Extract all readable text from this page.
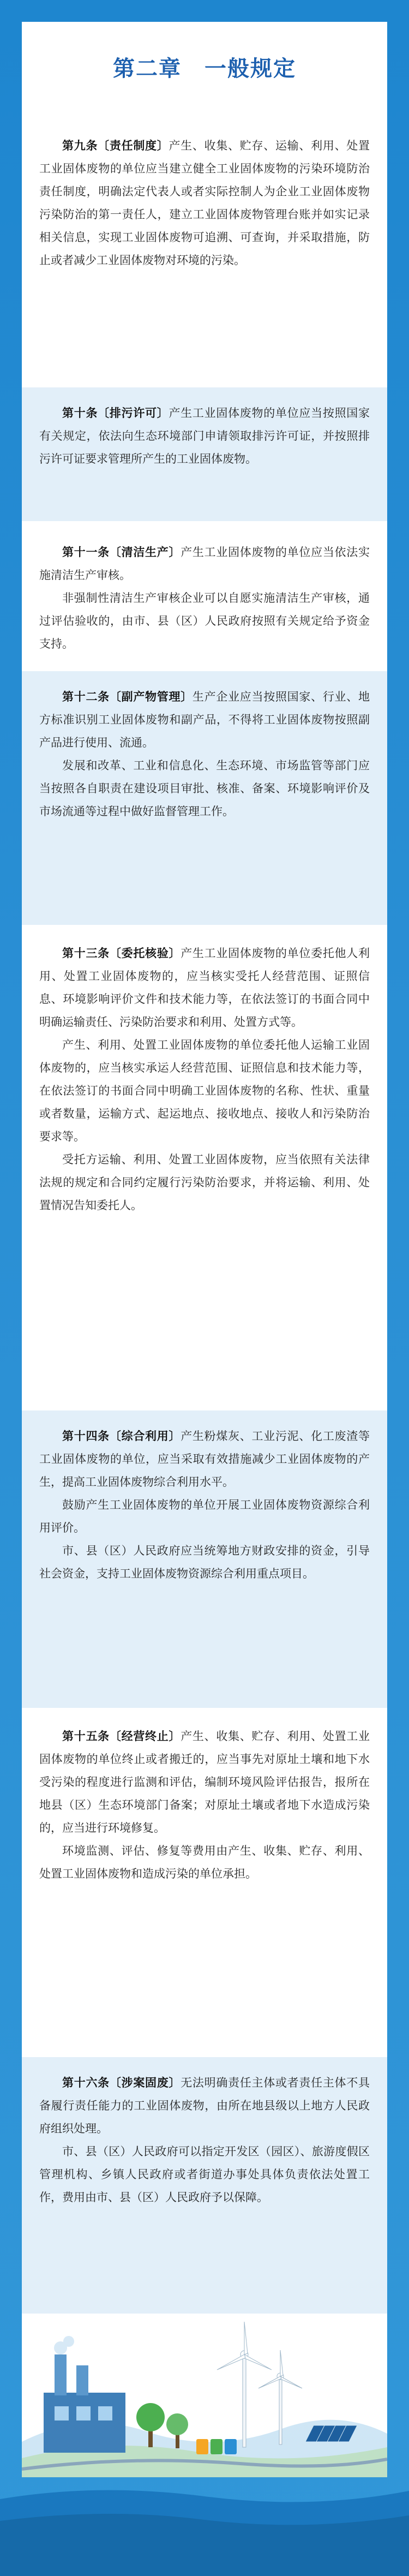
第二章　一般规定

第九条〔责任制度〕产生、收集、贮存、运输、利用、处置工业固体废物的单位应当建立健全工业固体废物的污染环境防治责任制度，明确法定代表人或者实际控制人为企业工业固体废物污染防治的第一责任人，建立工业固体废物管理台账并如实记录相关信息，实现工业固体废物可追溯、可查询，并采取措施，防止或者减少工业固体废物对环境的污染。

第十条〔排污许可〕产生工业固体废物的单位应当按照国家有关规定，依法向生态环境部门申请领取排污许可证，并按照排污许可证要求管理所产生的工业固体废物。

第十一条〔清洁生产〕产生工业固体废物的单位应当依法实施清洁生产审核。

非强制性清洁生产审核企业可以自愿实施清洁生产审核，通过评估验收的，由市、县（区）人民政府按照有关规定给予资金支持。

第十二条〔副产物管理〕生产企业应当按照国家、行业、地方标准识别工业固体废物和副产品，不得将工业固体废物按照副产品进行使用、流通。

发展和改革、工业和信息化、生态环境、市场监管等部门应当按照各自职责在建设项目审批、核准、备案、环境影响评价及市场流通等过程中做好监督管理工作。

第十三条〔委托核验〕产生工业固体废物的单位委托他人利用、处置工业固体废物的，应当核实受托人经营范围、证照信息、环境影响评价文件和技术能力等，在依法签订的书面合同中明确运输责任、污染防治要求和利用、处置方式等。

产生、利用、处置工业固体废物的单位委托他人运输工业固体废物的，应当核实承运人经营范围、证照信息和技术能力等，在依法签订的书面合同中明确工业固体废物的名称、性状、重量或者数量，运输方式、起运地点、接收地点、接收人和污染防治要求等。

受托方运输、利用、处置工业固体废物，应当依照有关法律法规的规定和合同约定履行污染防治要求，并将运输、利用、处置情况告知委托人。

第十四条〔综合利用〕产生粉煤灰、工业污泥、化工废渣等工业固体废物的单位，应当采取有效措施减少工业固体废物的产生，提高工业固体废物综合利用水平。

鼓励产生工业固体废物的单位开展工业固体废物资源综合利用评价。

市、县（区）人民政府应当统筹地方财政安排的资金，引导社会资金，支持工业固体废物资源综合利用重点项目。

第十五条〔经营终止〕产生、收集、贮存、利用、处置工业固体废物的单位终止或者搬迁的，应当事先对原址土壤和地下水受污染的程度进行监测和评估，编制环境风险评估报告，报所在地县（区）生态环境部门备案；对原址土壤或者地下水造成污染的，应当进行环境修复。

环境监测、评估、修复等费用由产生、收集、贮存、利用、处置工业固体废物和造成污染的单位承担。

第十六条〔涉案固废〕无法明确责任主体或者责任主体不具备履行责任能力的工业固体废物，由所在地县级以上地方人民政府组织处理。

市、县（区）人民政府可以指定开发区（园区）、旅游度假区管理机构、乡镇人民政府或者街道办事处具体负责依法处置工作，费用由市、县（区）人民政府予以保障。
